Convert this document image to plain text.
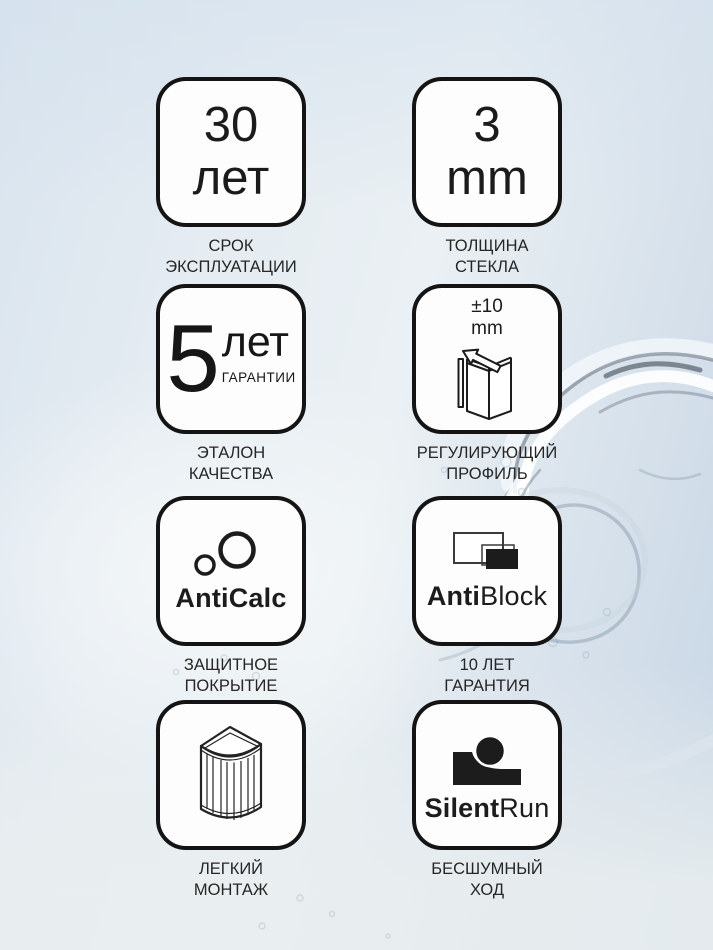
30
лет
СРОК
ЭКСПЛУАТАЦИИ
3
mm
ТОЛЩИНА
СТЕКЛА
5 лет
ГАРАНТИИ
ЭТАЛОН
КАЧЕСТВА
±10
mm
РЕГУЛИРУЮЩИЙ
ПРОФИЛЬ
AntiCalc
ЗАЩИТНОЕ
ПОКРЫТИЕ
AntiBlock
10 ЛЕТ
ГАРАНТИЯ
ЛЕГКИЙ
МОНТАЖ
SilentRun
БЕСШУМНЫЙ
ХОД
